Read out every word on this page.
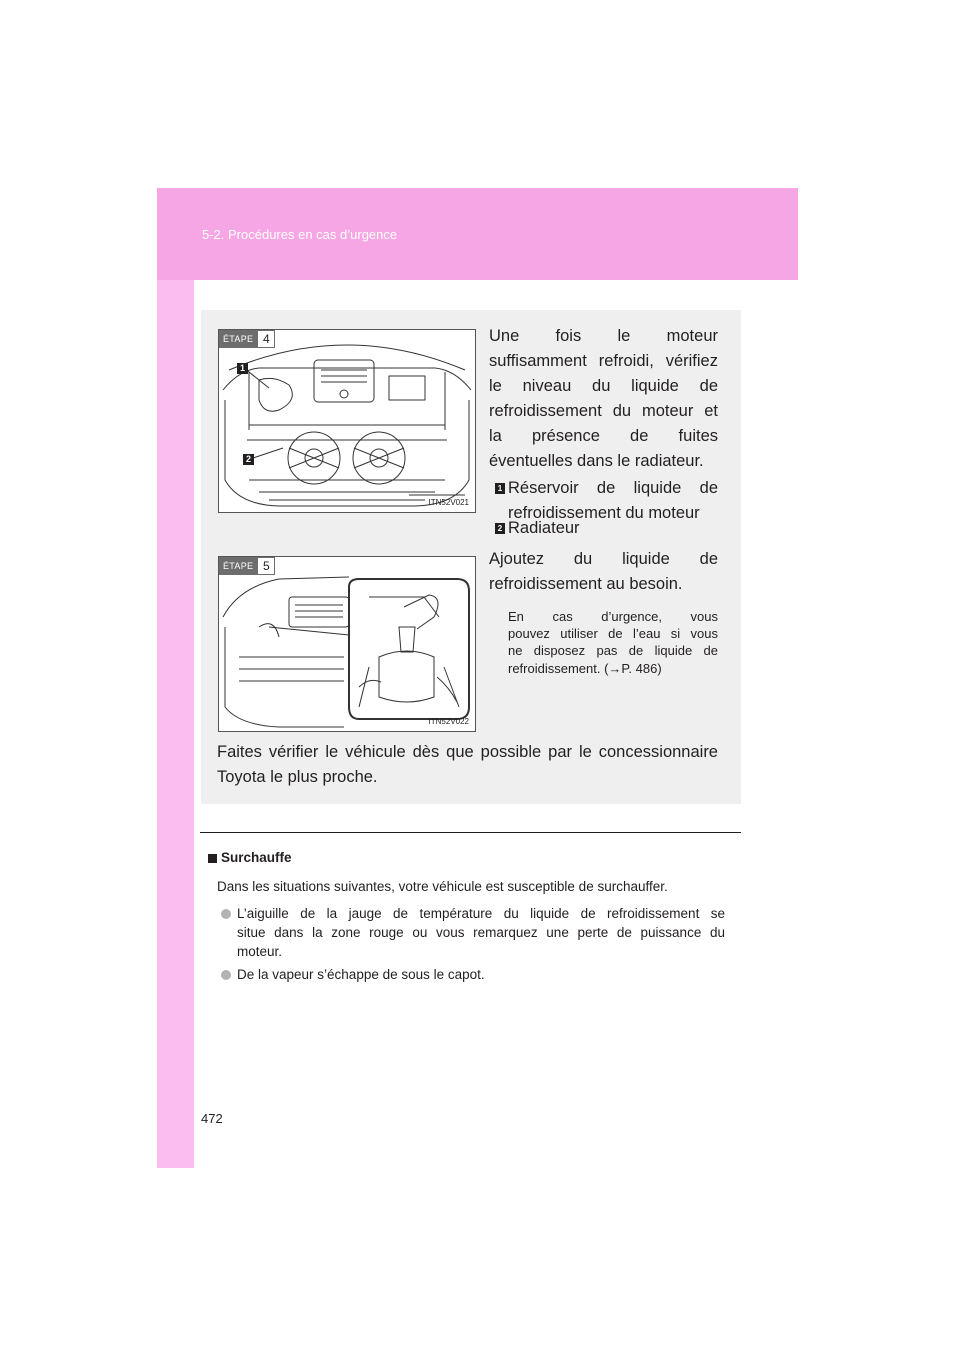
5-2. Procédures en cas d’urgence
ÉTAPE 4
1
2
ITN52V021
Une fois le moteur
suffisamment refroidi, vérifiez
le niveau du liquide de
refroidissement du moteur et
la présence de fuites
éventuelles dans le radiateur.
1 Réservoir de liquide de
refroidissement du moteur
2 Radiateur
ÉTAPE 5
ITN52V022
Ajoutez du liquide de
refroidissement au besoin.
En cas d’urgence, vous
pouvez utiliser de l’eau si vous
ne disposez pas de liquide de
refroidissement. (→P. 486)
Faites vérifier le véhicule dès que possible par le concessionnaire
Toyota le plus proche.
Surchauffe
Dans les situations suivantes, votre véhicule est susceptible de surchauffer.
L’aiguille de la jauge de température du liquide de refroidissement se
situe dans la zone rouge ou vous remarquez une perte de puissance du
moteur.
De la vapeur s’échappe de sous le capot.
472
